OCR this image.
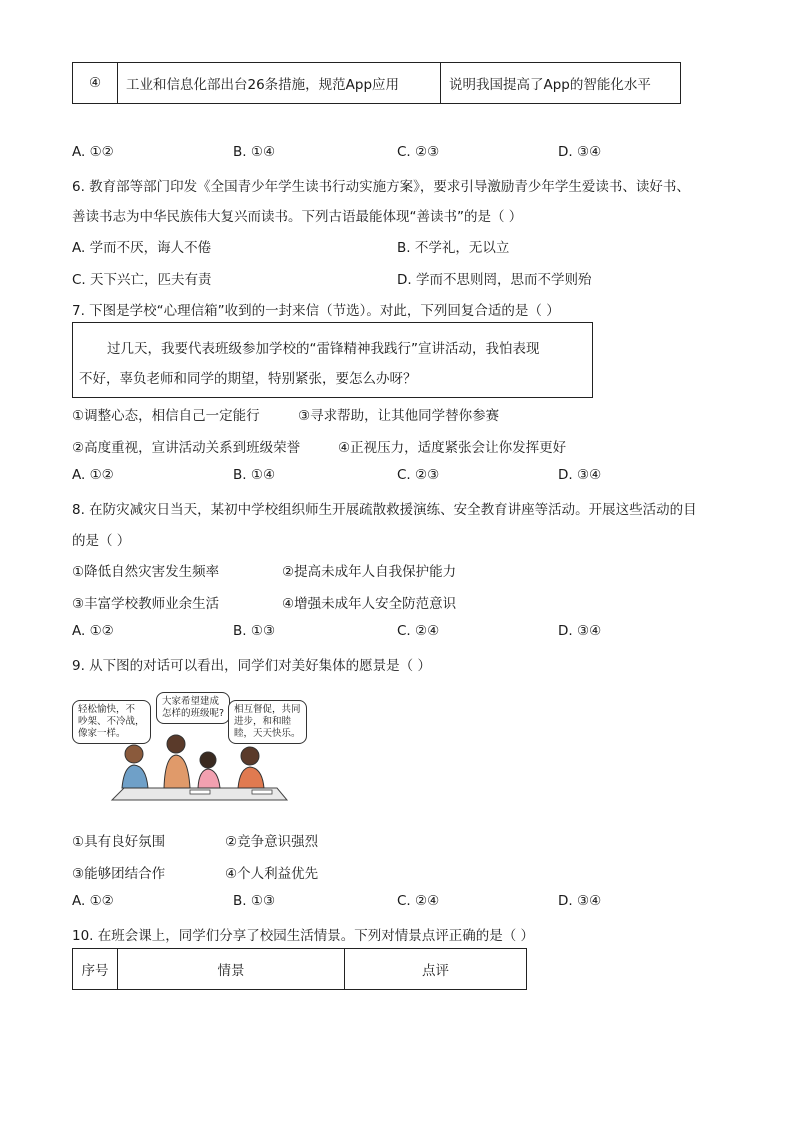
④	工业和信息化部出台26条措施，规范App应用	说明我国提高了App的智能化水平
A. ①②	B. ①④	C. ②③	D. ③④
6. 教育部等部门印发《全国青少年学生读书行动实施方案》，要求引导激励青少年学生爱读书、读好书、
善读书志为中华民族伟大复兴而读书。下列古语最能体现“善读书”的是（ ）
A. 学而不厌，诲人不倦	B. 不学礼，无以立
C. 天下兴亡，匹夫有责	D. 学而不思则罔，思而不学则殆
7. 下图是学校“心理信箱”收到的一封来信（节选）。对此，下列回复合适的是（ ）
过几天，我要代表班级参加学校的“雷锋精神我践行”宣讲活动，我怕表现
不好，辜负老师和同学的期望，特别紧张，要怎么办呀？
①调整心态，相信自己一定能行	③寻求帮助，让其他同学替你参赛
②高度重视，宣讲活动关系到班级荣誉	④正视压力，适度紧张会让你发挥更好
A. ①②	B. ①④	C. ②③	D. ③④
8. 在防灾减灾日当天，某初中学校组织师生开展疏散救援演练、安全教育讲座等活动。开展这些活动的目
的是（ ）
①降低自然灾害发生频率	②提高未成年人自我保护能力
③丰富学校教师业余生活	④增强未成年人安全防范意识
A. ①②	B. ①③	C. ②④	D. ③④
9. 从下图的对话可以看出，同学们对美好集体的愿景是（ ）
轻松愉快，不
吵架、不冷战，
像家一样。
大家希望建成
怎样的班级呢?	相互督促，共同
进步，和和睦
睦，天天快乐。
①具有良好氛围	②竞争意识强烈
③能够团结合作	④个人利益优先
A. ①②	B. ①③	C. ②④	D. ③④
10. 在班会课上，同学们分享了校园生活情景。下列对情景点评正确的是（ ）
序号	情景	点评
